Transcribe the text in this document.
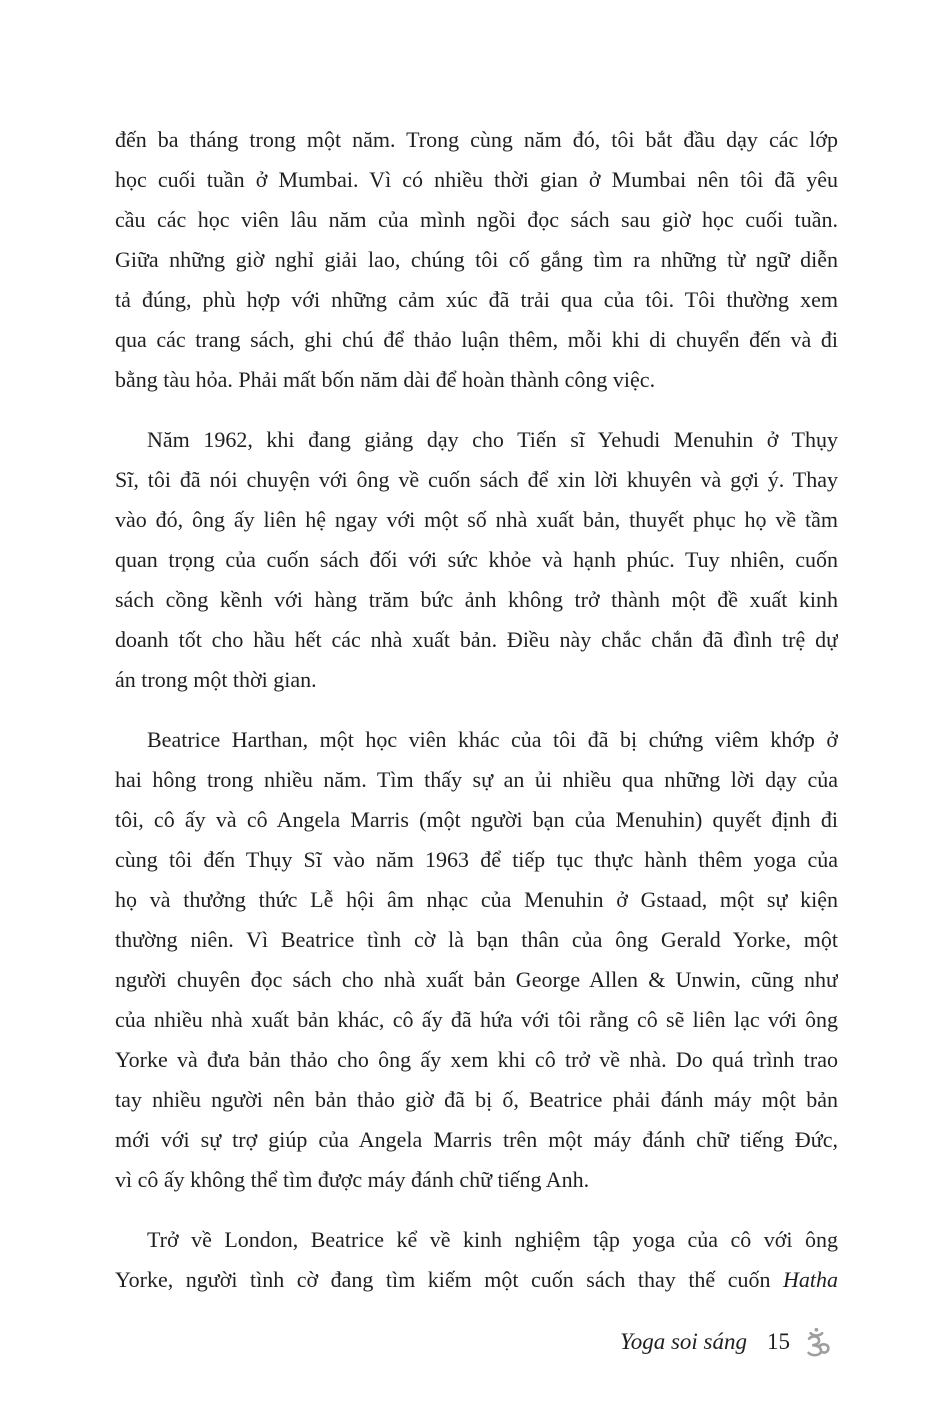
đến ba tháng trong một năm. Trong cùng năm đó, tôi bắt đầu dạy các lớp
học cuối tuần ở Mumbai. Vì có nhiều thời gian ở Mumbai nên tôi đã yêu
cầu các học viên lâu năm của mình ngồi đọc sách sau giờ học cuối tuần.
Giữa những giờ nghỉ giải lao, chúng tôi cố gắng tìm ra những từ ngữ diễn
tả đúng, phù hợp với những cảm xúc đã trải qua của tôi. Tôi thường xem
qua các trang sách, ghi chú để thảo luận thêm, mỗi khi di chuyển đến và đi
bằng tàu hỏa. Phải mất bốn năm dài để hoàn thành công việc.
Năm 1962, khi đang giảng dạy cho Tiến sĩ Yehudi Menuhin ở Thụy
Sĩ, tôi đã nói chuyện với ông về cuốn sách để xin lời khuyên và gợi ý. Thay
vào đó, ông ấy liên hệ ngay với một số nhà xuất bản, thuyết phục họ về tầm
quan trọng của cuốn sách đối với sức khỏe và hạnh phúc. Tuy nhiên, cuốn
sách cồng kềnh với hàng trăm bức ảnh không trở thành một đề xuất kinh
doanh tốt cho hầu hết các nhà xuất bản. Điều này chắc chắn đã đình trệ dự
án trong một thời gian.
Beatrice Harthan, một học viên khác của tôi đã bị chứng viêm khớp ở
hai hông trong nhiều năm. Tìm thấy sự an ủi nhiều qua những lời dạy của
tôi, cô ấy và cô Angela Marris (một người bạn của Menuhin) quyết định đi
cùng tôi đến Thụy Sĩ vào năm 1963 để tiếp tục thực hành thêm yoga của
họ và thưởng thức Lễ hội âm nhạc của Menuhin ở Gstaad, một sự kiện
thường niên. Vì Beatrice tình cờ là bạn thân của ông Gerald Yorke, một
người chuyên đọc sách cho nhà xuất bản George Allen & Unwin, cũng như
của nhiều nhà xuất bản khác, cô ấy đã hứa với tôi rằng cô sẽ liên lạc với ông
Yorke và đưa bản thảo cho ông ấy xem khi cô trở về nhà. Do quá trình trao
tay nhiều người nên bản thảo giờ đã bị ố, Beatrice phải đánh máy một bản
mới với sự trợ giúp của Angela Marris trên một máy đánh chữ tiếng Đức,
vì cô ấy không thể tìm được máy đánh chữ tiếng Anh.
Trở về London, Beatrice kể về kinh nghiệm tập yoga của cô với ông
Yorke, người tình cờ đang tìm kiếm một cuốn sách thay thế cuốn Hatha
Yoga soi sáng 15
